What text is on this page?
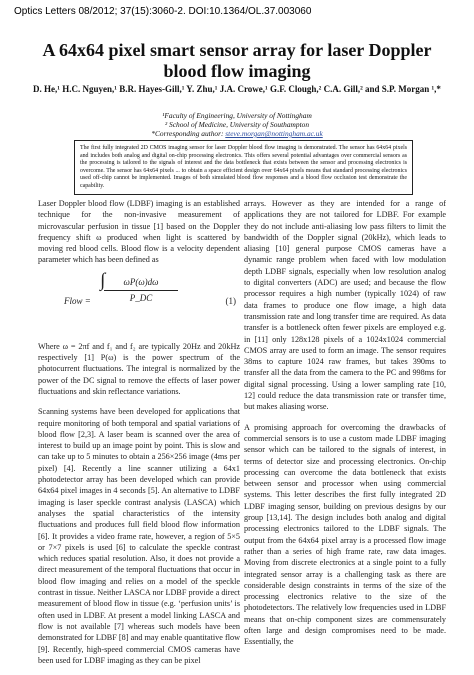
Optics Letters 08/2012; 37(15):3060-2. DOI:10.1364/OL.37.003060
A 64x64 pixel smart sensor array for laser Doppler blood flow imaging
D. He,¹ H.C. Nguyen,¹ B.R. Hayes-Gill,¹ Y. Zhu,¹ J.A. Crowe,¹ G.F. Clough,² C.A. Gill,² and S.P. Morgan ¹,*
¹Faculty of Engineering, University of Nottingham
² School of Medicine, University of Southampton
*Corresponding author: steve.morgan@nottingham.ac.uk

The first fully integrated 2D CMOS imaging sensor for laser Doppler blood flow imaging is demonstrated. The sensor has 64x64 pixels and includes both analog and digital on-chip processing electronics. This offers several potential advantages over commercial sensors as the processing is tailored to the signals of interest and the data bottleneck that exists between the sensor and processing electronics is overcome. The sensor has 64x64 pixels ... to obtain a space efficient design over 64x64 pixels means that standard processing electronics used off-chip cannot be implemented. Images of both simulated blood flow responses and a blood flow occlusion test demonstrate the capability.

Laser Doppler blood flow (LDBF) imaging is an established technique for the non-invasive measurement of microvascular perfusion in tissue [1] based on the Doppler frequency shift ω produced when light is scattered by moving red blood cells. Blood flow is a velocity dependent parameter which has been defined as

Flow =
∫	ωP(ω)dω
P_DC	(1)

Where ω = 2πf and f₁ and f₂ are typically 20Hz and 20kHz respectively [1] P(ω) is the power spectrum of the photocurrent fluctuations. The integral is normalized by the power of the DC signal to remove the effects of laser power fluctuations and skin reflectance variations.

Scanning systems have been developed for applications that require monitoring of both temporal and spatial variations of blood flow [2,3]. A laser beam is scanned over the area of interest to build up an image point by point. This is slow and can take up to 5 minutes to obtain a 256×256 image (4ms per pixel) [4]. Recently a line scanner utilizing a 64x1 photodetector array has been developed which can provide 64x64 pixel images in 4 seconds [5]. An alternative to LDBF imaging is laser speckle contrast analysis (LASCA) which analyses the spatial characteristics of the intensity fluctuations and produces full field blood flow information [6]. It provides a video frame rate, however, a region of 5×5 or 7×7 pixels is used [6] to calculate the speckle contrast which reduces spatial resolution. Also, it does not provide a direct measurement of the temporal fluctuations that occur in blood flow imaging and relies on a model of the speckle contrast in tissue. Neither LASCA nor LDBF provide a direct measurement of blood flow in tissue (e.g. ‘perfusion units’ is often used in LDBF. At present a model linking LASCA and flow is not available [7] whereas such models have been demonstrated for LDBF [8] and may enable quantitative flow [9]. Recently, high-speed commercial CMOS cameras have been used for LDBF imaging as they can be pixel

arrays. However as they are intended for a range of applications they are not tailored for LDBF. For example they do not include anti-aliasing low pass filters to limit the bandwidth of the Doppler signal (20kHz), which leads to aliasing [10] general purpose CMOS cameras have a dynamic range problem when faced with low modulation depth LDBF signals, especially when low resolution analog to digital converters (ADC) are used; and because the flow processor requires a high number (typically 1024) of raw data frames to produce one flow image, a high data transmission rate and long transfer time are required. As data transfer is a bottleneck often fewer pixels are employed e.g. in [11] only 128x128 pixels of a 1024x1024 commercial CMOS array are used to form an image. The sensor requires 38ms to capture 1024 raw frames, but takes 390ms to transfer all the data from the camera to the PC and 998ms for digital signal processing. Using a lower sampling rate [10, 12] could reduce the data transmission rate or transfer time, but makes aliasing worse.

A promising approach for overcoming the drawbacks of commercial sensors is to use a custom made LDBF imaging sensor which can be tailored to the signals of interest, in terms of detector size and processing electronics. On-chip processing can overcome the data bottleneck that exists between sensor and processor when using commercial systems. This letter describes the first fully integrated 2D LDBF imaging sensor, building on previous designs by our group [13,14]. The design includes both analog and digital processing electronics tailored to the LDBF signals. The output from the 64x64 pixel array is a processed flow image rather than a series of high frame rate, raw data images. Moving from discrete electronics at a single point to a fully integrated sensor array is a challenging task as there are considerable design constraints in terms of the size of the processing electronics relative to the size of the photodetectors. The relatively low frequencies used in LDBF means that on-chip component sizes are commensurately often large and design compromises need to be made. Essentially, the
